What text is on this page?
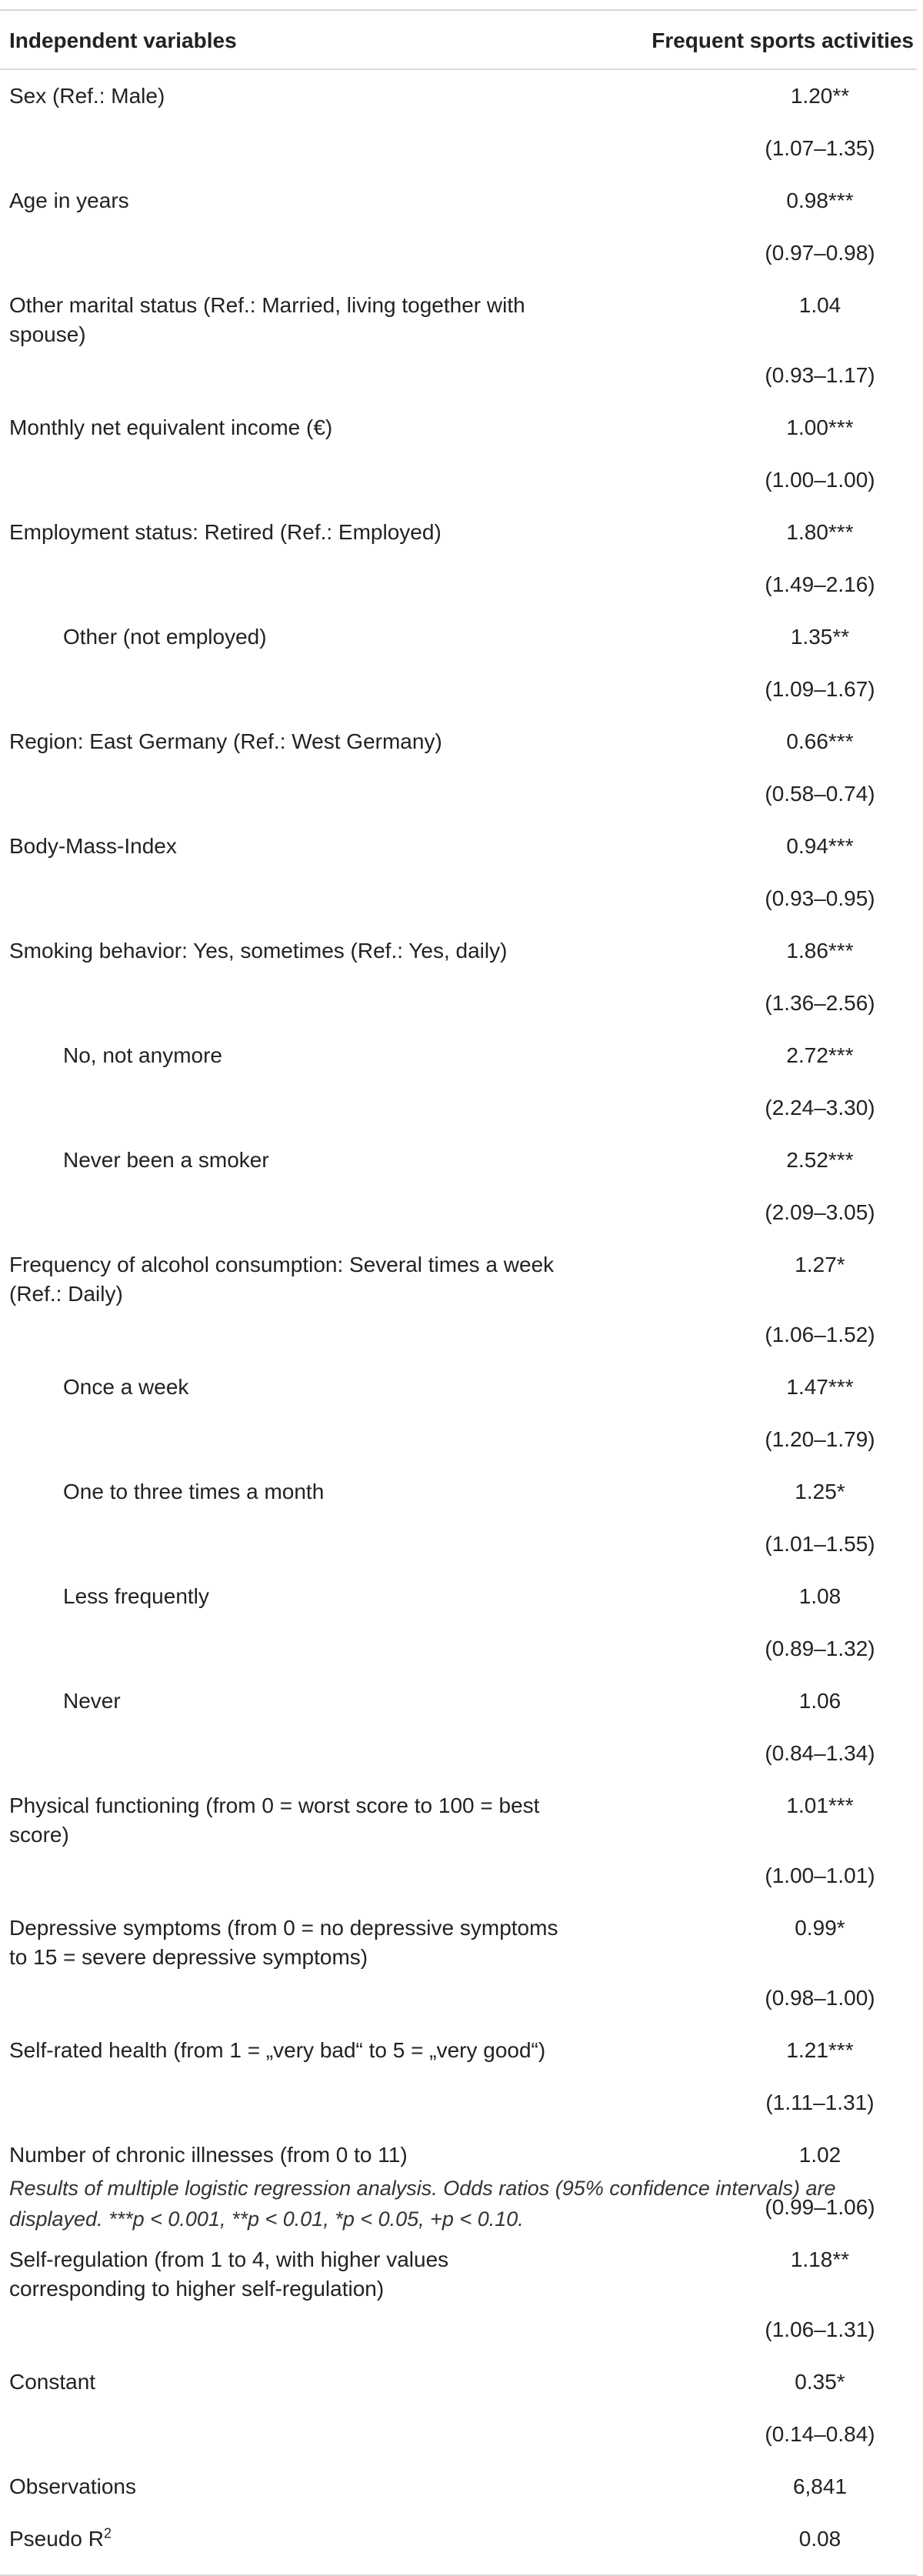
Independent variables	Frequent sports activities
Sex (Ref.: Male)	1.20**
	(1.07–1.35)
Age in years	0.98***
	(0.97–0.98)
Other marital status (Ref.: Married, living together with spouse)	1.04
	(0.93–1.17)
Monthly net equivalent income (€)	1.00***
	(1.00–1.00)
Employment status: Retired (Ref.: Employed)	1.80***
	(1.49–2.16)
Other (not employed)	1.35**
	(1.09–1.67)
Region: East Germany (Ref.: West Germany)	0.66***
	(0.58–0.74)
Body-Mass-Index	0.94***
	(0.93–0.95)
Smoking behavior: Yes, sometimes (Ref.: Yes, daily)	1.86***
	(1.36–2.56)
No, not anymore	2.72***
	(2.24–3.30)
Never been a smoker	2.52***
	(2.09–3.05)
Frequency of alcohol consumption: Several times a week (Ref.: Daily)	1.27*
	(1.06–1.52)
Once a week	1.47***
	(1.20–1.79)
One to three times a month	1.25*
	(1.01–1.55)
Less frequently	1.08
	(0.89–1.32)
Never	1.06
	(0.84–1.34)
Physical functioning (from 0 = worst score to 100 = best score)	1.01***
	(1.00–1.01)
Depressive symptoms (from 0 = no depressive symptoms to 15 = severe depressive symptoms)	0.99*
	(0.98–1.00)
Self-rated health (from 1 = „very bad“ to 5 = „very good“)	1.21***
	(1.11–1.31)
Number of chronic illnesses (from 0 to 11)	1.02
	(0.99–1.06)
Self-regulation (from 1 to 4, with higher values corresponding to higher self-regulation)	1.18**
	(1.06–1.31)
Constant	0.35*
	(0.14–0.84)
Observations	6,841
Pseudo $R^2$	0.08
Results of multiple logistic regression analysis. Odds ratios (95% confidence intervals) are displayed. ***p < 0.001, **p < 0.01, *p < 0.05, +p < 0.10.
